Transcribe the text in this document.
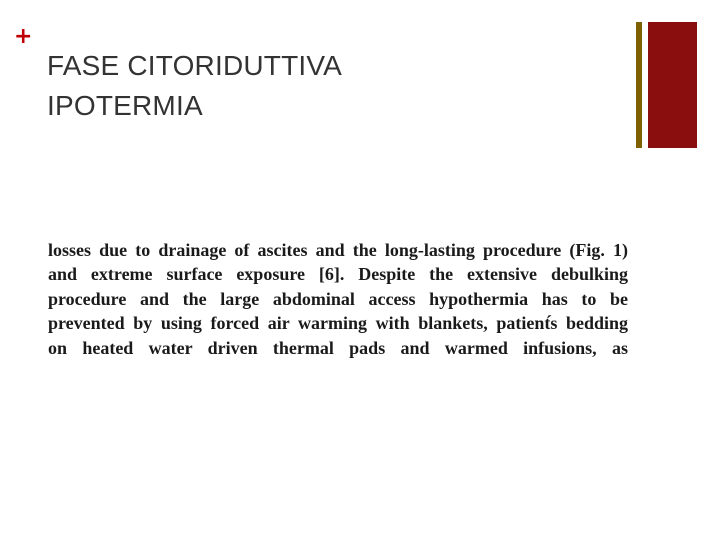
+
FASE CITORIDUTTIVA
IPOTERMIA
losses due to drainage of ascites and the long-lasting procedure (Fig. 1)
and extreme surface exposure [6]. Despite the extensive debulking
procedure and the large abdominal access hypothermia has to be
prevented by using forced air warming with blankets, patient́s bedding
on heated water driven thermal pads and warmed infusions, as
